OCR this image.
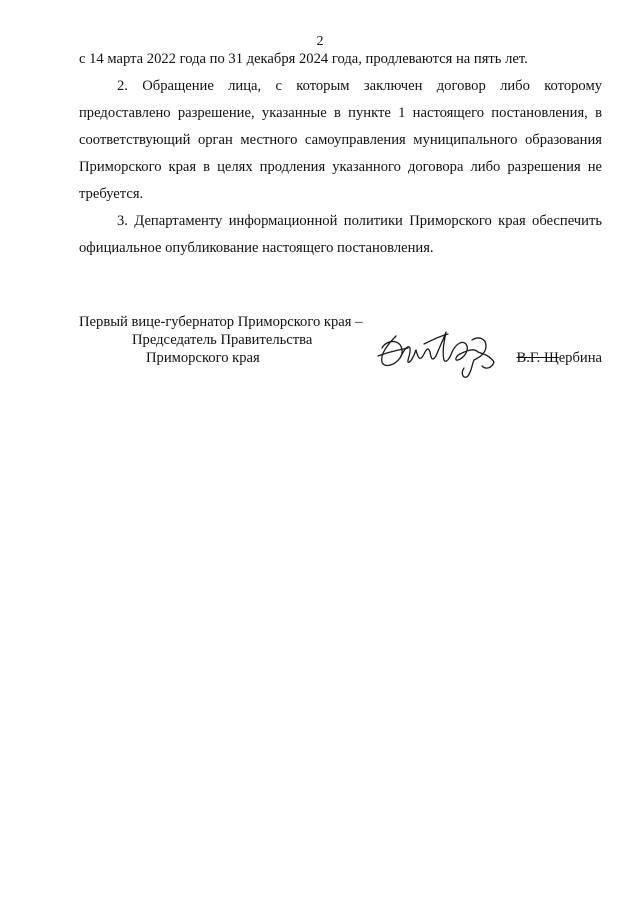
2

с 14 марта 2022 года по 31 декабря 2024 года, продлеваются на пять лет.

2. Обращение лица, с которым заключен договор либо которому предоставлено разрешение, указанные в пункте 1 настоящего постановления, в соответствующий орган местного самоуправления муниципального образования Приморского края в целях продления указанного договора либо разрешения не требуется.

3. Департаменту информационной политики Приморского края обеспечить официальное опубликование настоящего постановления.

Первый вице-губернатор Приморского края –
Председатель Правительства
Приморского края	В.Г. Щербина
